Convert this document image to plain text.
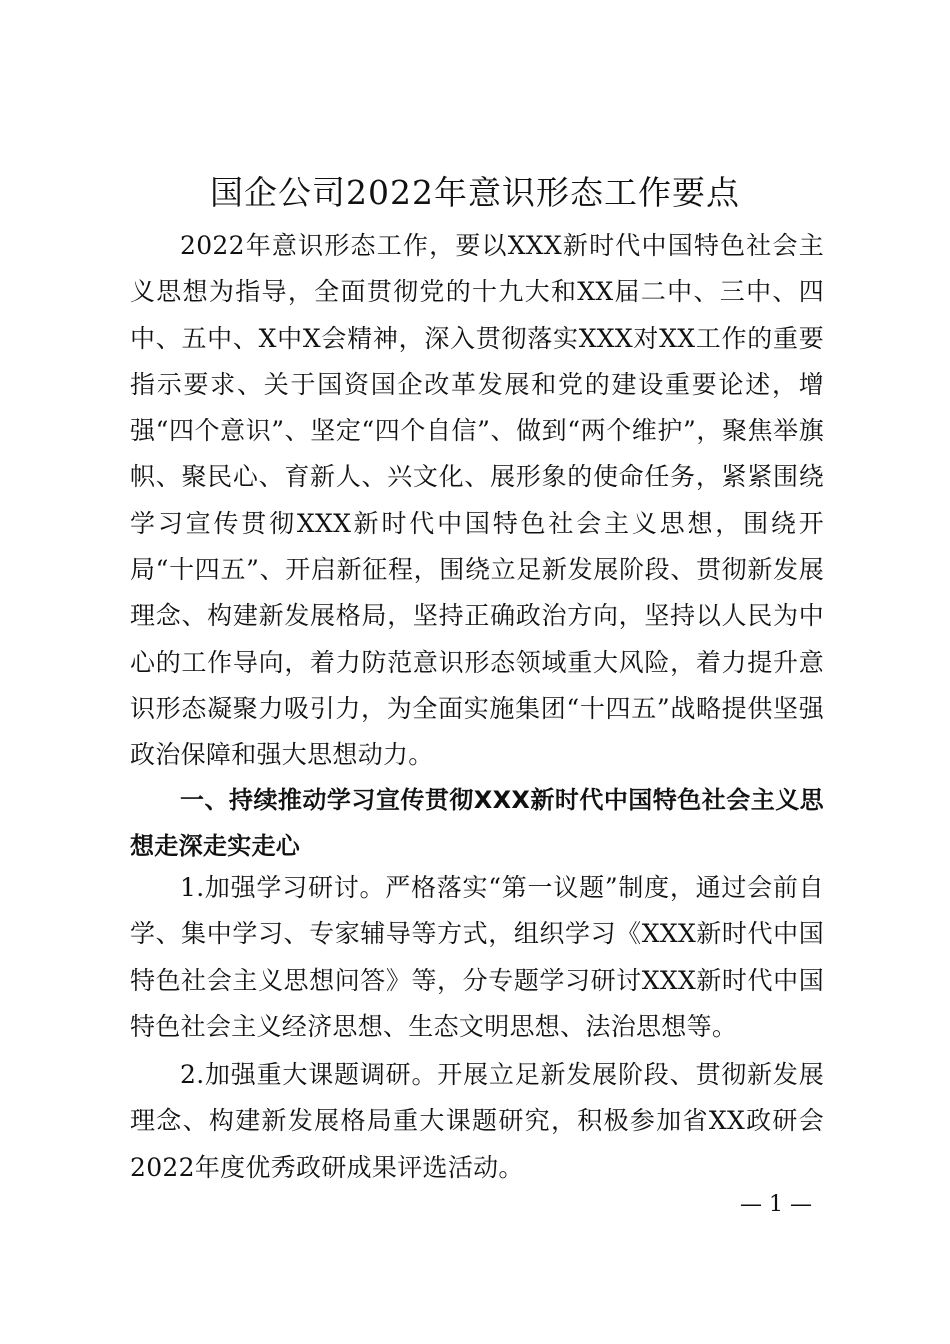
国企公司2022年意识形态工作要点

2022年意识形态工作，要以XXX新时代中国特色社会主义思想为指导，全面贯彻党的十九大和XX届二中、三中、四中、五中、X中X会精神，深入贯彻落实XXX对XX工作的重要指示要求、关于国资国企改革发展和党的建设重要论述，增强“四个意识”、坚定“四个自信”、做到“两个维护”，聚焦举旗帜、聚民心、育新人、兴文化、展形象的使命任务，紧紧围绕学习宣传贯彻XXX新时代中国特色社会主义思想，围绕开局“十四五”、开启新征程，围绕立足新发展阶段、贯彻新发展理念、构建新发展格局，坚持正确政治方向，坚持以人民为中心的工作导向，着力防范意识形态领域重大风险，着力提升意识形态凝聚力吸引力，为全面实施集团“十四五”战略提供坚强政治保障和强大思想动力。

一、持续推动学习宣传贯彻XXX新时代中国特色社会主义思想走深走实走心

1.加强学习研讨。严格落实“第一议题”制度，通过会前自学、集中学习、专家辅导等方式，组织学习《XXX新时代中国特色社会主义思想问答》等，分专题学习研讨XXX新时代中国特色社会主义经济思想、生态文明思想、法治思想等。

2.加强重大课题调研。开展立足新发展阶段、贯彻新发展理念、构建新发展格局重大课题研究，积极参加省XX政研会2022年度优秀政研成果评选活动。

— 1 —
